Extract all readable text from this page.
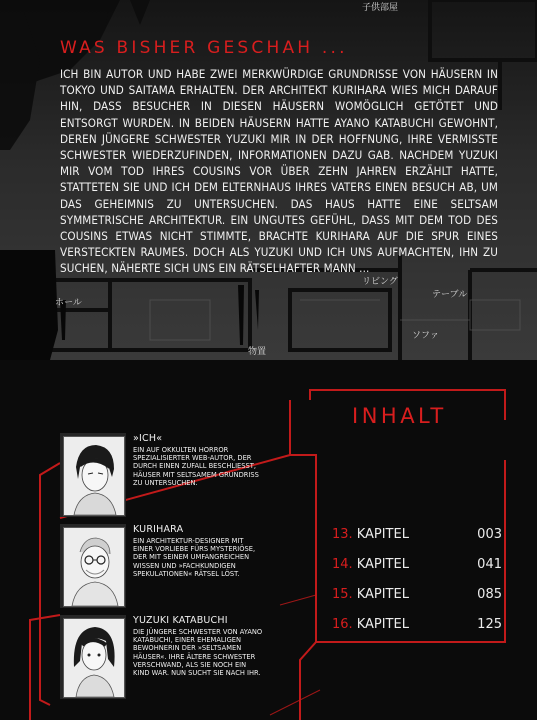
子供部屋
ホール
リビング
テーブル
ソファ
物置
WAS BISHER GESCHAH ...
ICH BIN AUTOR UND HABE ZWEI MERKWÜRDIGE GRUNDRISSE VON HÄUSERN IN TOKYO UND SAITAMA ERHALTEN. DER ARCHITEKT KURIHARA WIES MICH DARAUF HIN, DASS BESUCHER IN DIESEN HÄUSERN WOMÖGLICH GETÖTET UND ENTSORGT WURDEN. IN BEIDEN HÄUSERN HATTE AYANO KATABUCHI GEWOHNT, DEREN JÜNGERE SCHWESTER YUZUKI MIR IN DER HOFFNUNG, IHRE VERMISSTE SCHWESTER WIEDERZUFINDEN, INFORMATIONEN DAZU GAB. NACHDEM YUZUKI MIR VOM TOD IHRES COUSINS VOR ÜBER ZEHN JAHREN ERZÄHLT HATTE, STATTETEN SIE UND ICH DEM ELTERNHAUS IHRES VATERS EINEN BESUCH AB, UM DAS GEHEIMNIS ZU UNTERSUCHEN. DAS HAUS HATTE EINE SELTSAM SYMMETRISCHE ARCHITEKTUR. EIN UNGUTES GEFÜHL, DASS MIT DEM TOD DES COUSINS ETWAS NICHT STIMMTE, BRACHTE KURIHARA AUF DIE SPUR EINES VERSTECKTEN RAUMES. DOCH ALS YUZUKI UND ICH UNS AUFMACHTEN, IHN ZU SUCHEN, NÄHERTE SICH UNS EIN RÄTSELHAFTER MANN ...
INHALT
13. KAPITEL	003
14. KAPITEL	041
15. KAPITEL	085
16. KAPITEL	125
»ICH«
EIN AUF OKKULTEN HORROR SPEZIALISIERTER WEB-AUTOR, DER DURCH EINEN ZUFALL BESCHLIESST, HÄUSER MIT SELTSAMEM GRUNDRISS ZU UNTERSUCHEN.
KURIHARA
EIN ARCHITEKTUR-DESIGNER MIT EINER VORLIEBE FÜRS MYSTERIÖSE, DER MIT SEINEM UMFANGREICHEN WISSEN UND »FACHKUNDIGEN SPEKULATIONEN« RÄTSEL LÖST.
YUZUKI KATABUCHI
DIE JÜNGERE SCHWESTER VON AYANO KATABUCHI, EINER EHEMALIGEN BEWOHNERIN DER »SELTSAMEN HÄUSER«. IHRE ÄLTERE SCHWESTER VERSCHWAND, ALS SIE NOCH EIN KIND WAR. NUN SUCHT SIE NACH IHR.
